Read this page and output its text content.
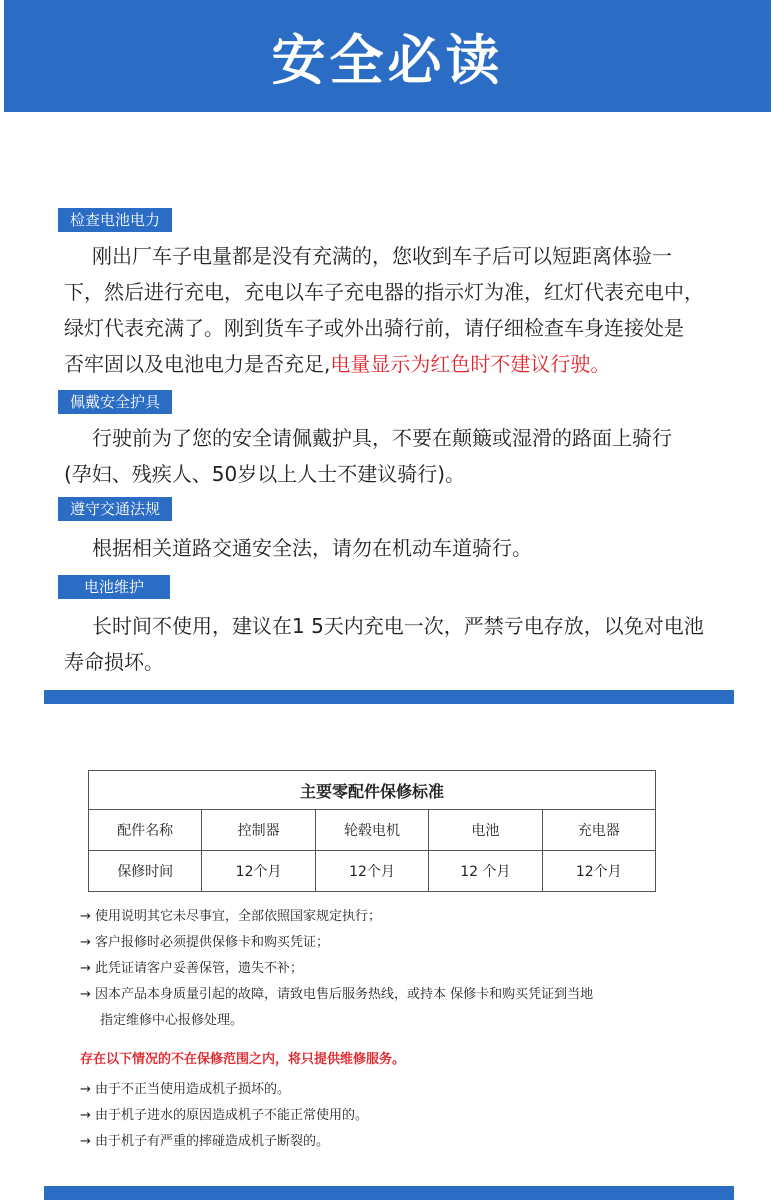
安全必读
检查电池电力
刚出厂车子电量都是没有充满的，您收到车子后可以短距离体验一
下，然后进行充电，充电以车子充电器的指示灯为准，红灯代表充电中，
绿灯代表充满了。刚到货车子或外出骑行前，请仔细检查车身连接处是
否牢固以及电池电力是否充足,电量显示为红色时不建议行驶。
佩戴安全护具
行驶前为了您的安全请佩戴护具，不要在颠簸或湿滑的路面上骑行
(孕妇、残疾人、50岁以上人士不建议骑行)。
遵守交通法规
根据相关道路交通安全法，请勿在机动车道骑行。
电池维护
长时间不使用，建议在1 5天内充电一次，严禁亏电存放，以免对电池
寿命损坏。
主要零配件保修标准				
配件名称	控制器	轮毂电机	电池	充电器
保修时间	12个月	12个月	12 个月	12个月
→ 使用说明其它未尽事宜，全部依照国家规定执行；
→ 客户报修时必须提供保修卡和购买凭证；
→ 此凭证请客户妥善保管，遗失不补；
→ 因本产品本身质量引起的故障，请致电售后服务热线，或持本 保修卡和购买凭证到当地
指定维修中心报修处理。
存在以下情况的不在保修范围之内，将只提供维修服务。
→ 由于不正当使用造成机子损坏的。
→ 由于机子进水的原因造成机子不能正常使用的。
→ 由于机子有严重的摔碰造成机子断裂的。
